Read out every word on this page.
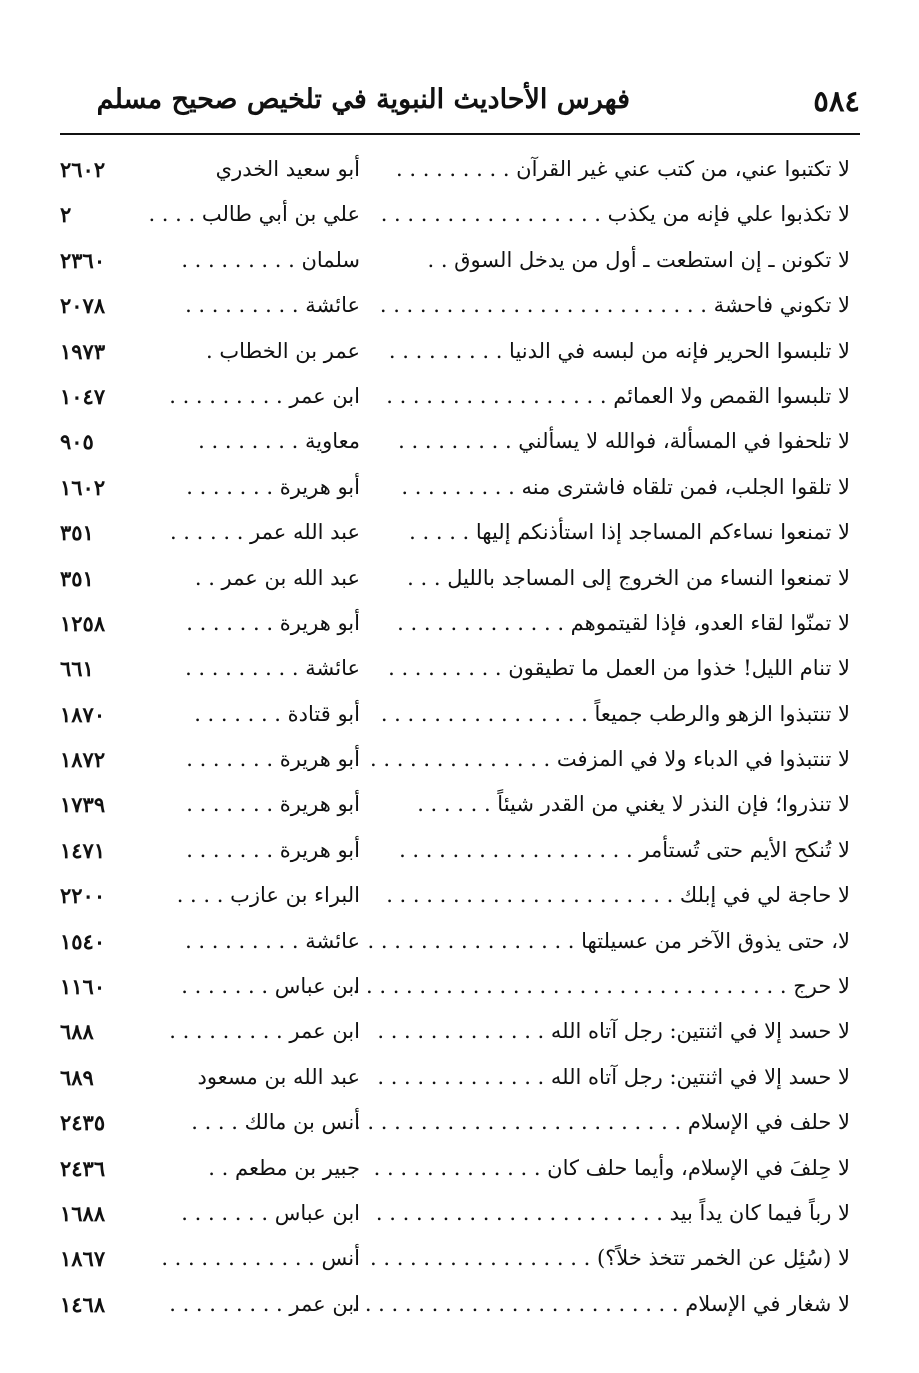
٥٨٤
فهرس الأحاديث النبوية في تلخيص صحيح مسلم
لا تكتبوا عني، من كتب عني غير القرآن . . . . . . . . .
أبو سعيد الخدري
٢٦٠٢
لا تكذبوا علي فإنه من يكذب . . . . . . . . . . . . . . . . .
علي بن أبي طالب . . . .
٢
لا تكونن ـ إن استطعت ـ أول من يدخل السوق . .
سلمان . . . . . . . . .
٢٣٦٠
لا تكوني فاحشة . . . . . . . . . . . . . . . . . . . . . . . . .
عائشة . . . . . . . . .
٢٠٧٨
لا تلبسوا الحرير فإنه من لبسه في الدنيا . . . . . . . . .
عمر بن الخطاب .
١٩٧٣
لا تلبسوا القمص ولا العمائم . . . . . . . . . . . . . . . . .
ابن عمر . . . . . . . . .
١٠٤٧
لا تلحفوا في المسألة، فوالله لا يسألني . . . . . . . . .
معاوية . . . . . . . .
٩٠٥
لا تلقوا الجلب، فمن تلقاه فاشترى منه . . . . . . . . .
أبو هريرة . . . . . . .
١٦٠٢
لا تمنعوا نساءكم المساجد إذا استأذنكم إليها . . . . .
عبد الله عمر . . . . . .
٣٥١
لا تمنعوا النساء من الخروج إلى المساجد بالليل . . .
عبد الله بن عمر . .
٣٥١
لا تمنّوا لقاء العدو، فإذا لقيتموهم . . . . . . . . . . . . .
أبو هريرة . . . . . . .
١٢٥٨
لا تنام الليل! خذوا من العمل ما تطيقون . . . . . . . . .
عائشة . . . . . . . . .
٦٦١
لا تنتبذوا الزهو والرطب جميعاً . . . . . . . . . . . . . . . .
أبو قتادة . . . . . . .
١٨٧٠
لا تنتبذوا في الدباء ولا في المزفت . . . . . . . . . . . . . .
أبو هريرة . . . . . . .
١٨٧٢
لا تنذروا؛ فإن النذر لا يغني من القدر شيئاً . . . . . .
أبو هريرة . . . . . . .
١٧٣٩
لا تُنكح الأيم حتى تُستأمر . . . . . . . . . . . . . . . . . .
أبو هريرة . . . . . . .
١٤٧١
لا حاجة لي في إبلك . . . . . . . . . . . . . . . . . . . . . .
البراء بن عازب . . . .
٢٢٠٠
لا، حتى يذوق الآخر من عسيلتها . . . . . . . . . . . . . . . .
عائشة . . . . . . . . .
١٥٤٠
لا حرج . . . . . . . . . . . . . . . . . . . . . . . . . . . . . . . . .
ابن عباس . . . . . . .
١١٦٠
لا حسد إلا في اثنتين: رجل آتاه الله . . . . . . . . . . . . .
ابن عمر . . . . . . . . .
٦٨٨
لا حسد إلا في اثنتين: رجل آتاه الله . . . . . . . . . . . . .
عبد الله بن مسعود
٦٨٩
لا حلف في الإسلام . . . . . . . . . . . . . . . . . . . . . . . . .
أنس بن مالك . . . .
٢٤٣٥
لا حِلفَ في الإسلام، وأيما حلف كان . . . . . . . . . . . . .
جبير بن مطعم . .
٢٤٣٦
لا رباً فيما كان يداً بيد . . . . . . . . . . . . . . . . . . . . . .
ابن عباس . . . . . . .
١٦٨٨
لا (سُئِل عن الخمر تتخذ خلاً؟) . . . . . . . . . . . . . . . . .
أنس . . . . . . . . . . . .
١٨٦٧
لا شغار في الإسلام . . . . . . . . . . . . . . . . . . . . . . . . .
ابن عمر . . . . . . . . .
١٤٦٨
